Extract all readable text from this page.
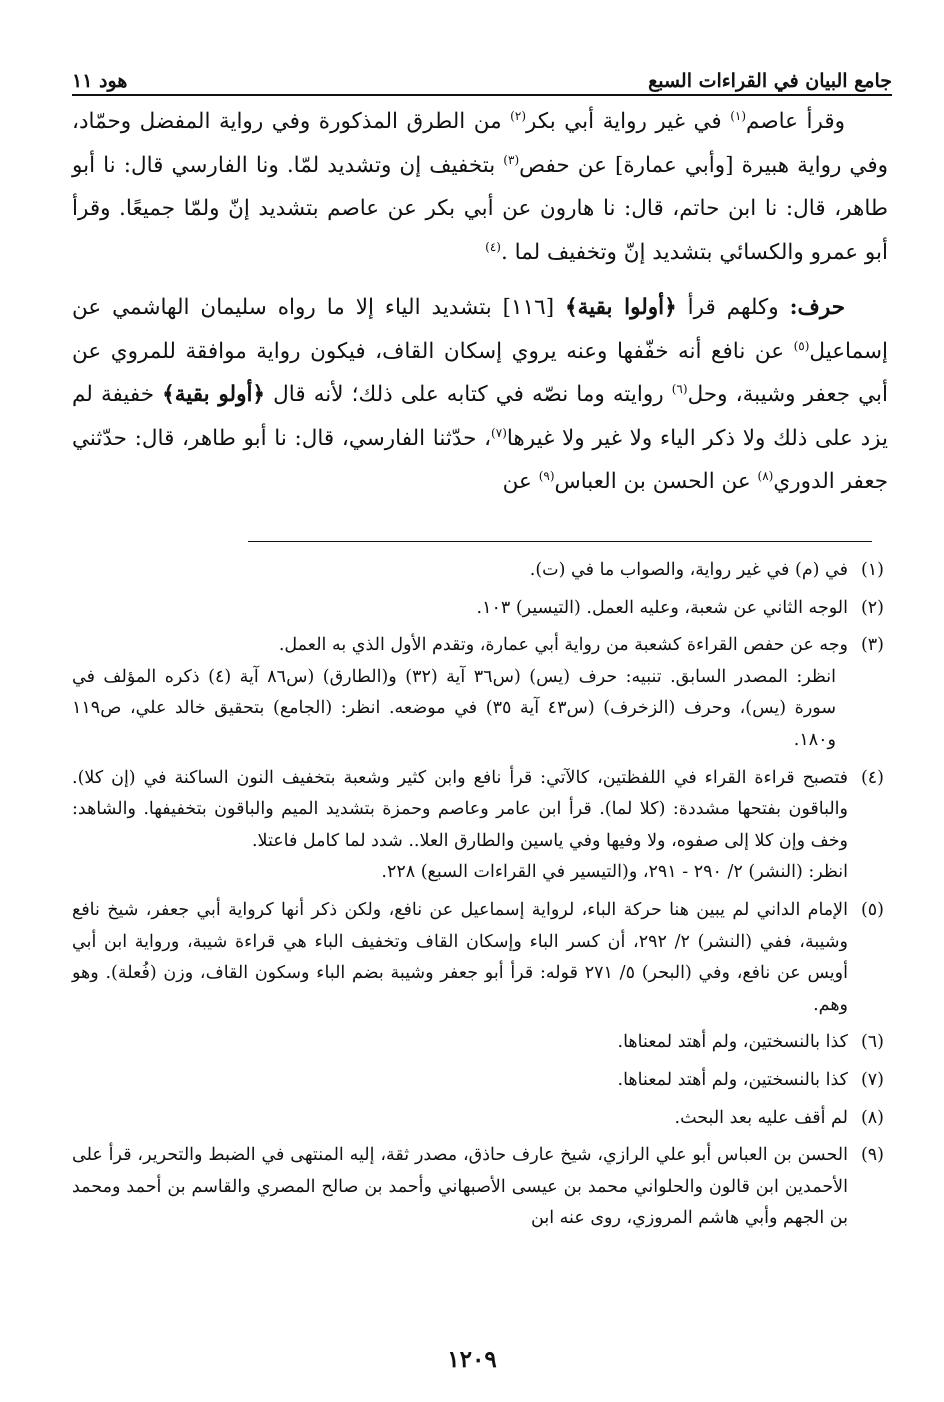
جامع البيان في القراءات السبع
هود ١١

وقرأ عاصم$^{(١)}$ في غير رواية أبي بكر$^{(٢)}$ من الطرق المذكورة وفي رواية المفضل وحمّاد، وفي رواية هبيرة [وأبي عمارة] عن حفص$^{(٣)}$ بتخفيف إن وتشديد لمّا. ونا الفارسي قال: نا أبو طاهر، قال: نا ابن حاتم، قال: نا هارون عن أبي بكر عن عاصم بتشديد إنّ ولمّا جميعًا. وقرأ أبو عمرو والكسائي بتشديد إنّ وتخفيف لما .$^{(٤)}$

حرف: وكلهم قرأ ﴿أولوا بقية﴾ [١١٦] بتشديد الياء إلا ما رواه سليمان الهاشمي عن إسماعيل$^{(٥)}$ عن نافع أنه خفّفها وعنه يروي إسكان القاف، فيكون رواية موافقة للمروي عن أبي جعفر وشيبة، وحل$^{(٦)}$ روايته وما نصّه في كتابه على ذلك؛ لأنه قال ﴿أولو بقية﴾ خفيفة لم يزد على ذلك ولا ذكر الياء ولا غير ولا غيرها$^{(٧)}$، حدّثنا الفارسي، قال: نا أبو طاهر، قال: حدّثني جعفر الدوري$^{(٨)}$ عن الحسن بن العباس$^{(٩)}$ عن

(١)

في (م) في غير رواية، والصواب ما في (ت).

(٢)

الوجه الثاني عن شعبة، وعليه العمل. (التيسير) ١٠٣.

(٣)

وجه عن حفص القراءة كشعبة من رواية أبي عمارة، وتقدم الأول الذي به العمل.

انظر: المصدر السابق. تنبيه: حرف (يس) (س٣٦ آية (٣٢) و(الطارق) (س٨٦ آية (٤) ذكره المؤلف في سورة (يس)، وحرف (الزخرف) (س٤٣ آية ٣٥) في موضعه. انظر: (الجامع) بتحقيق خالد علي، ص١١٩ و١٨٠.

(٤)

فتصبح قراءة القراء في اللفظتين، كالآتي: قرأ نافع وابن كثير وشعبة بتخفيف النون الساكنة في (إن كلا). والباقون بفتحها مشددة: (كلا لما). قرأ ابن عامر وعاصم وحمزة بتشديد الميم والباقون بتخفيفها. والشاهد: وخف وإن كلا إلى صفوه، ولا وفيها وفي ياسين والطارق العلا.. شدد لما كامل فاعتلا.

انظر: (النشر) ٢/ ٢٩٠ - ٢٩١، و(التيسير في القراءات السبع) ٢٢٨.

(٥)

الإمام الداني لم يبين هنا حركة الباء، لرواية إسماعيل عن نافع، ولكن ذكر أنها كرواية أبي جعفر، شيخ نافع وشيبة، ففي (النشر) ٢/ ٢٩٢، أن كسر الباء وإسكان القاف وتخفيف الباء هي قراءة شيبة، ورواية ابن أبي أويس عن نافع، وفي (البحر) ٥/ ٢٧١ قوله: قرأ أبو جعفر وشيبة بضم الباء وسكون القاف، وزن (فُعلة). وهو وهم.

(٦)

كذا بالنسختين، ولم أهتد لمعناها.

(٧)

كذا بالنسختين، ولم أهتد لمعناها.

(٨)

لم أقف عليه بعد البحث.

(٩)

الحسن بن العباس أبو علي الرازي، شيخ عارف حاذق، مصدر ثقة، إليه المنتهى في الضبط والتحرير، قرأ على الأحمدين ابن قالون والحلواني محمد بن عيسى الأصبهاني وأحمد بن صالح المصري والقاسم بن أحمد ومحمد بن الجهم وأبي هاشم المروزي، روى عنه ابن

١٢٠٩
